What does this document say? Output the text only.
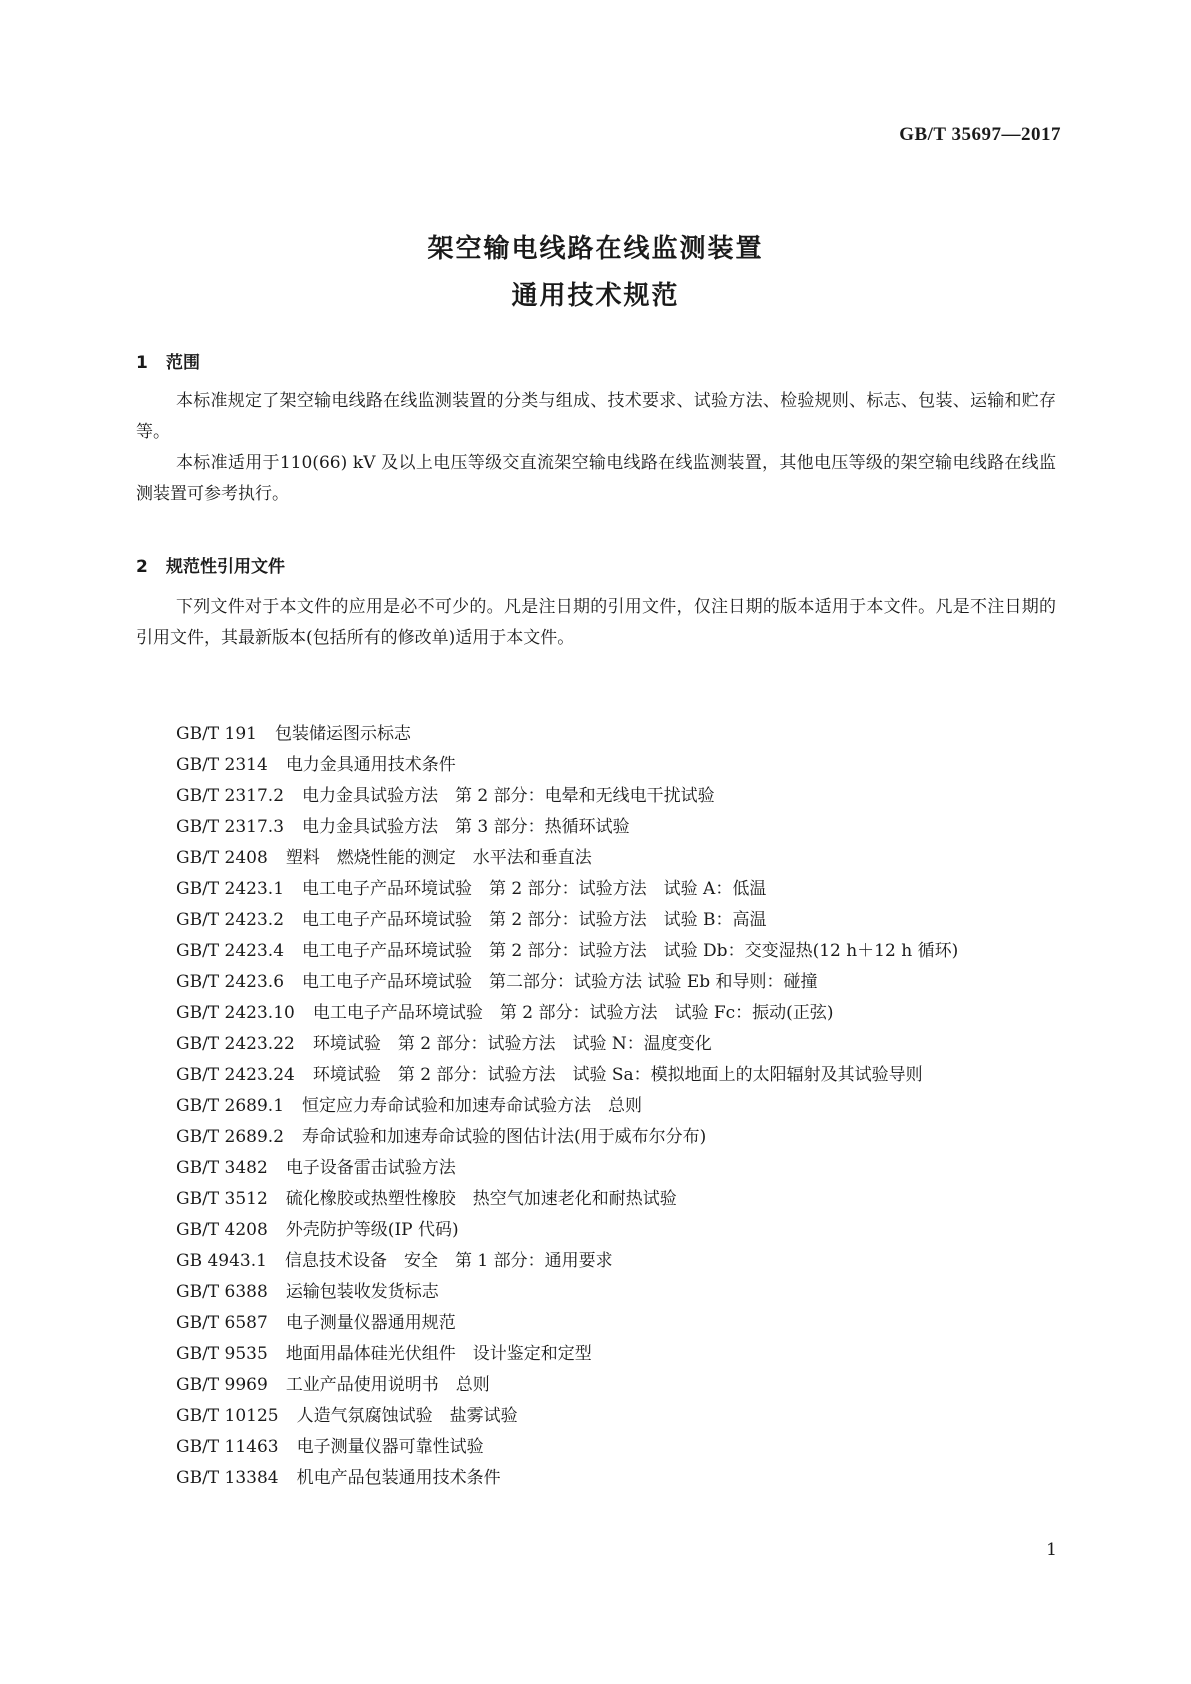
GB/T 35697—2017
架空输电线路在线监测装置
通用技术规范
1 范围

本标准规定了架空输电线路在线监测装置的分类与组成、技术要求、试验方法、检验规则、标志、包装、运输和贮存等。

本标准适用于110(66) kV 及以上电压等级交直流架空输电线路在线监测装置，其他电压等级的架空输电线路在线监测装置可参考执行。

2 规范性引用文件

下列文件对于本文件的应用是必不可少的。凡是注日期的引用文件，仅注日期的版本适用于本文件。凡是不注日期的引用文件，其最新版本(包括所有的修改单)适用于本文件。

GB/T 191 包装储运图示标志
GB/T 2314 电力金具通用技术条件
GB/T 2317.2 电力金具试验方法　第 2 部分：电晕和无线电干扰试验
GB/T 2317.3 电力金具试验方法　第 3 部分：热循环试验
GB/T 2408 塑料　燃烧性能的测定　水平法和垂直法
GB/T 2423.1 电工电子产品环境试验　第 2 部分：试验方法　试验 A：低温
GB/T 2423.2 电工电子产品环境试验　第 2 部分：试验方法　试验 B：高温
GB/T 2423.4 电工电子产品环境试验　第 2 部分：试验方法　试验 Db：交变湿热(12 h＋12 h 循环)
GB/T 2423.6 电工电子产品环境试验　第二部分：试验方法 试验 Eb 和导则：碰撞
GB/T 2423.10 电工电子产品环境试验　第 2 部分：试验方法　试验 Fc：振动(正弦)
GB/T 2423.22 环境试验　第 2 部分：试验方法　试验 N：温度变化
GB/T 2423.24 环境试验　第 2 部分：试验方法　试验 Sa：模拟地面上的太阳辐射及其试验导则
GB/T 2689.1 恒定应力寿命试验和加速寿命试验方法　总则
GB/T 2689.2 寿命试验和加速寿命试验的图估计法(用于威布尔分布)
GB/T 3482 电子设备雷击试验方法
GB/T 3512 硫化橡胶或热塑性橡胶　热空气加速老化和耐热试验
GB/T 4208 外壳防护等级(IP 代码)
GB 4943.1 信息技术设备　安全　第 1 部分：通用要求
GB/T 6388 运输包装收发货标志
GB/T 6587 电子测量仪器通用规范
GB/T 9535 地面用晶体硅光伏组件　设计鉴定和定型
GB/T 9969 工业产品使用说明书　总则
GB/T 10125 人造气氛腐蚀试验　盐雾试验
GB/T 11463 电子测量仪器可靠性试验
GB/T 13384 机电产品包装通用技术条件
1
